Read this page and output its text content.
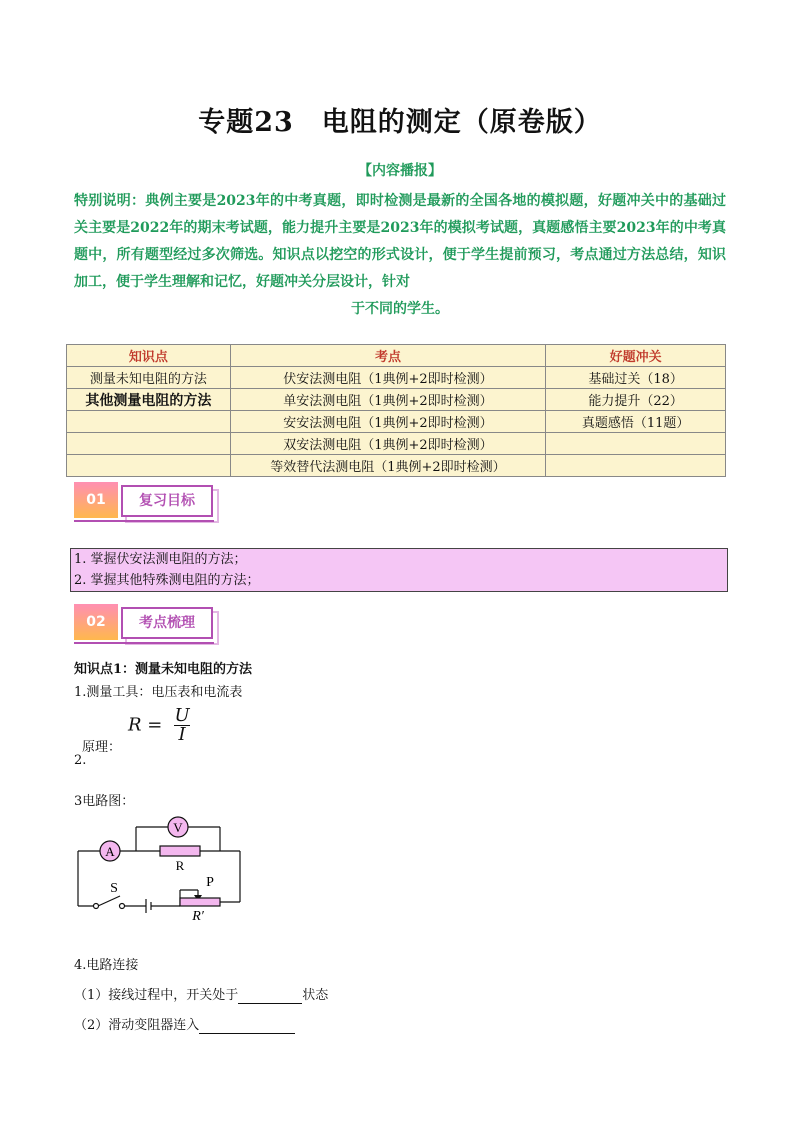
专题23　电阻的测定（原卷版）
【内容播报】
特别说明：典例主要是2023年的中考真题，即时检测是最新的全国各地的模拟题，好题冲关中的基础过关主要是2022年的期末考试题，能力提升主要是2023年的模拟考试题，真题感悟主要2023年的中考真题中，所有题型经过多次筛选。知识点以挖空的形式设计，便于学生提前预习，考点通过方法总结，知识加工，便于学生理解和记忆，好题冲关分层设计，针对
于不同的学生。
知识点	考点	好题冲关
测量未知电阻的方法	伏安法测电阻（1典例+2即时检测）	基础过关（18）
其他测量电阻的方法	单安法测电阻（1典例+2即时检测）	能力提升（22）
	安安法测电阻（1典例+2即时检测）	真题感悟（11题）
	双安法测电阻（1典例+2即时检测）	
	等效替代法测电阻（1典例+2即时检测）	
01	复习目标
1. 掌握伏安法测电阻的方法；
2. 掌握其他特殊测电阻的方法；
02	考点梳理
知识点1：测量未知电阻的方法
1.测量工具：电压表和电流表
$R = \frac{U}{I}$
原理：
2.
3电路图：
V
A
R
S	P
R′
4.电路连接
（1）接线过程中，开关处于	状态
（2）滑动变阻器连入
